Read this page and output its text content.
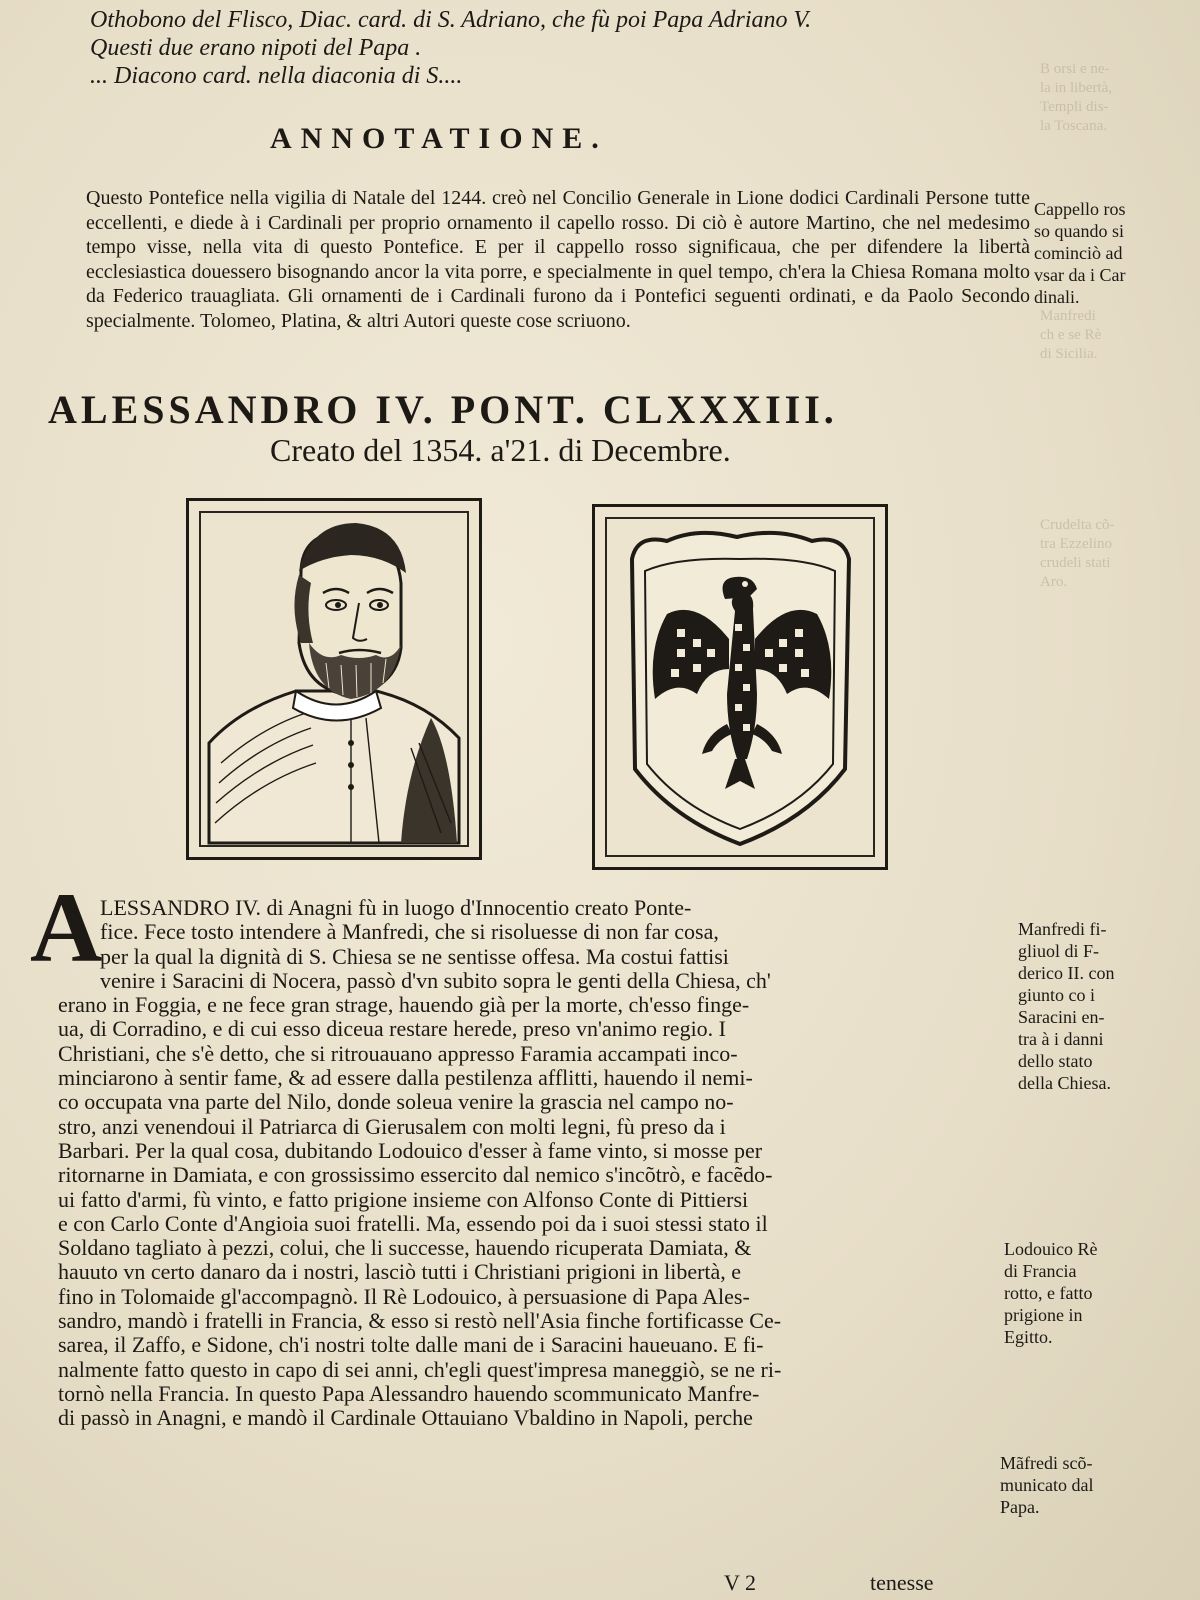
B orsi e ne-
la in libertà,
Templi dis-
la Toscana.

Manfredi
ch e se Rè
di Sicilia.

Crudelta cõ-
tra Ezzelino
crudeli stati
Aro.
Othobono del Flisco, Diac. card. di S. Adriano, che fù poi Papa Adriano V.
Questi due erano nipoti del Papa .
... Diacono card. nella diaconia di S....
ANNOTATIONE.
Questo Pontefice nella vigilia di Natale del 1244. creò nel Concilio Generale in Lione dodici Cardinali Persone tutte eccellenti, e diede à i Cardinali per proprio ornamento il capello rosso. Di ciò è autore Martino, che nel medesimo tempo visse, nella vita di questo Pontefice. E per il cappello rosso significaua, che per difendere la libertà ecclesiastica douessero bisognando ancor la vita porre, e specialmente in quel tempo, ch'era la Chiesa Romana molto da Federico trauagliata. Gli ornamenti de i Cardinali furono da i Pontefici seguenti ordinati, e da Paolo Secondo specialmente. Tolomeo, Platina, & altri Autori queste cose scriuono.
Cappello ros
so quando si
cominciò ad
vsar da i Car
dinali.
ALESSANDRO IV. PONT. CLXXXIII.
Creato del 1354. a'21. di Decembre.
A
LESSANDRO IV. di Anagni fù in luogo d'Innocentio creato Ponte-
fice. Fece tosto intendere à Manfredi, che si risoluesse di non far cosa,
per la qual la dignità di S. Chiesa se ne sentisse offesa. Ma costui fattisi
venire i Saracini di Nocera, passò d'vn subito sopra le genti della Chiesa, ch'
erano in Foggia, e ne fece gran strage, hauendo già per la morte, ch'esso finge-
ua, di Corradino, e di cui esso diceua restare herede, preso vn'animo regio. I
Christiani, che s'è detto, che si ritrouauano appresso Faramia accampati inco-
minciarono à sentir fame, & ad essere dalla pestilenza afflitti, hauendo il nemi-
co occupata vna parte del Nilo, donde soleua venire la grascia nel campo no-
stro, anzi venendoui il Patriarca di Gierusalem con molti legni, fù preso da i
Barbari. Per la qual cosa, dubitando Lodouico d'esser à fame vinto, si mosse per
ritornarne in Damiata, e con grossissimo essercito dal nemico s'incõtrò, e facẽdo-
ui fatto d'armi, fù vinto, e fatto prigione insieme con Alfonso Conte di Pittiersi
e con Carlo Conte d'Angioia suoi fratelli. Ma, essendo poi da i suoi stessi stato il
Soldano tagliato à pezzi, colui, che li successe, hauendo ricuperata Damiata, &
hauuto vn certo danaro da i nostri, lasciò tutti i Christiani prigioni in libertà, e
fino in Tolomaide gl'accompagnò. Il Rè Lodouico, à persuasione di Papa Ales-
sandro, mandò i fratelli in Francia, & esso si restò nell'Asia finche fortificasse Ce-
sarea, il Zaffo, e Sidone, ch'i nostri tolte dalle mani de i Saracini haueuano. E fi-
nalmente fatto questo in capo di sei anni, ch'egli quest'impresa maneggiò, se ne ri-
tornò nella Francia. In questo Papa Alessandro hauendo scommunicato Manfre-
di passò in Anagni, e mandò il Cardinale Ottauiano Vbaldino in Napoli, perche
Manfredi fi-
gliuol di F-
derico II. con
giunto co i
Saracini en-
tra à i danni
dello stato
della Chiesa.
Lodouico Rè
di Francia
rotto, e fatto
prigione in
Egitto.
Mãfredi scõ-
municato dal
Papa.
V 2	tenesse
